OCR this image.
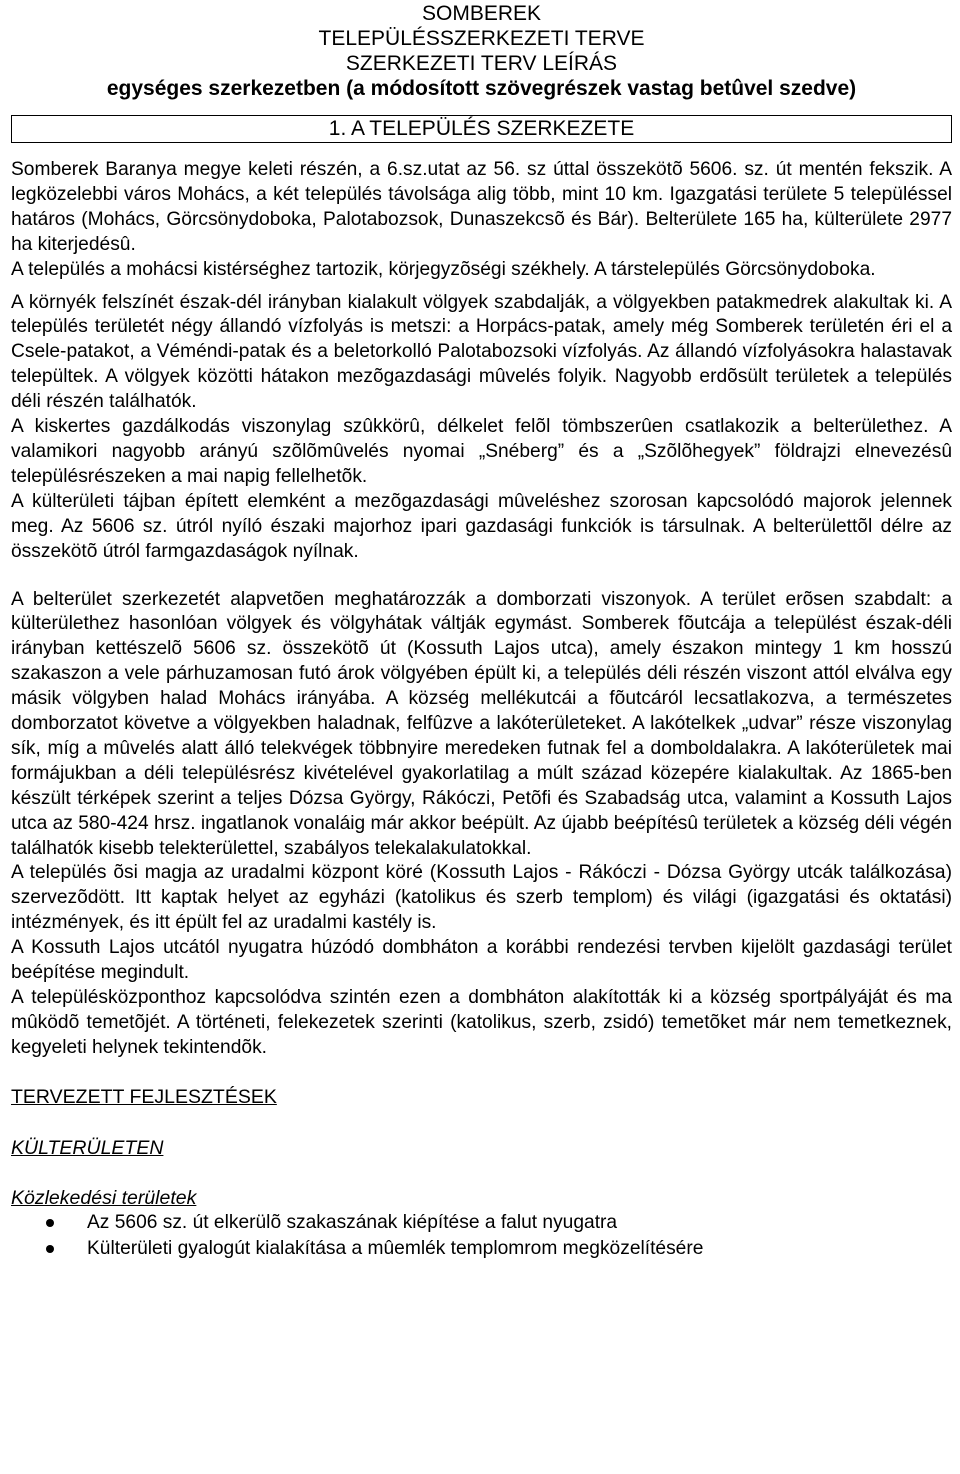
SOMBEREK

TELEPÜLÉSSZERKEZETI TERVE

SZERKEZETI TERV LEÍRÁS

egységes szerkezetben (a módosított szövegrészek vastag betûvel szedve)

1. A TELEPÜLÉS SZERKEZETE

Somberek Baranya megye keleti részén, a 6.sz.utat az 56. sz úttal összekötõ 5606. sz. út mentén fekszik. A legközelebbi város Mohács, a két település távolsága alig több, mint 10 km. Igazgatási területe 5 településsel határos (Mohács, Görcsönydoboka, Palotabozsok, Dunaszekcsõ és Bár). Belterülete 165 ha, külterülete 2977 ha kiterjedésû.

A település a mohácsi kistérséghez tartozik, körjegyzõségi székhely. A társtelepülés Görcsönydoboka.

A környék felszínét észak-dél irányban kialakult völgyek szabdalják, a völgyekben patakmedrek alakultak ki. A település területét négy állandó vízfolyás is metszi: a Horpács-patak, amely még Somberek területén éri el a Csele-patakot, a Véméndi-patak és a beletorkolló Palotabozsoki vízfolyás. Az állandó vízfolyásokra halastavak települtek. A völgyek közötti hátakon mezõgazdasági mûvelés folyik. Nagyobb erdõsült területek a település déli részén találhatók.

A kiskertes gazdálkodás viszonylag szûkkörû, délkelet felõl tömbszerûen csatlakozik a belterülethez. A valamikori nagyobb arányú szõlõmûvelés nyomai „Snéberg” és a „Szõlõhegyek” földrajzi elnevezésû településrészeken a mai napig fellelhetõk.

A külterületi tájban épített elemként a mezõgazdasági mûveléshez szorosan kapcsolódó majorok jelennek meg. Az 5606 sz. útról nyíló északi majorhoz ipari gazdasági funkciók is társulnak. A belterülettõl délre az összekötõ útról farmgazdaságok nyílnak.

A belterület szerkezetét alapvetõen meghatározzák a domborzati viszonyok. A terület erõsen szabdalt: a külterülethez hasonlóan völgyek és völgyhátak váltják egymást. Somberek fõutcája a települést észak-déli irányban kettészelõ 5606 sz. összekötõ út (Kossuth Lajos utca), amely északon mintegy 1 km hosszú szakaszon a vele párhuzamosan futó árok völgyében épült ki, a település déli részén viszont attól elválva egy másik völgyben halad Mohács irányába. A község mellékutcái a fõutcáról lecsatlakozva, a természetes domborzatot követve a völgyekben haladnak, felfûzve a lakóterületeket. A lakótelkek „udvar” része viszonylag sík, míg a mûvelés alatt álló telekvégek többnyire meredeken futnak fel a domboldalakra. A lakóterületek mai formájukban a déli településrész kivételével gyakorlatilag a múlt század közepére kialakultak. Az 1865-ben készült térképek szerint a teljes Dózsa György, Rákóczi, Petõfi és Szabadság utca, valamint a Kossuth Lajos utca az 580-424 hrsz. ingatlanok vonaláig már akkor beépült. Az újabb beépítésû területek a község déli végén találhatók kisebb telekterülettel, szabályos telekalakulatokkal.

A település õsi magja az uradalmi központ köré (Kossuth Lajos - Rákóczi - Dózsa György utcák találkozása) szervezõdött. Itt kaptak helyet az egyházi (katolikus és szerb templom) és világi (igazgatási és oktatási) intézmények, és itt épült fel az uradalmi kastély is.

A Kossuth Lajos utcától nyugatra húzódó dombháton a korábbi rendezési tervben kijelölt gazdasági terület beépítése megindult.

A településközponthoz kapcsolódva szintén ezen a dombháton alakították ki a község sportpályáját és ma mûködõ temetõjét. A történeti, felekezetek szerinti (katolikus, szerb, zsidó) temetõket már nem temetkeznek, kegyeleti helynek tekintendõk.

TERVEZETT FEJLESZTÉSEK

KÜLTERÜLETEN

Közlekedési területek

Az 5606 sz. út elkerülõ szakaszának kiépítése a falut nyugatra
Külterületi gyalogút kialakítása a mûemlék templomrom megközelítésére
